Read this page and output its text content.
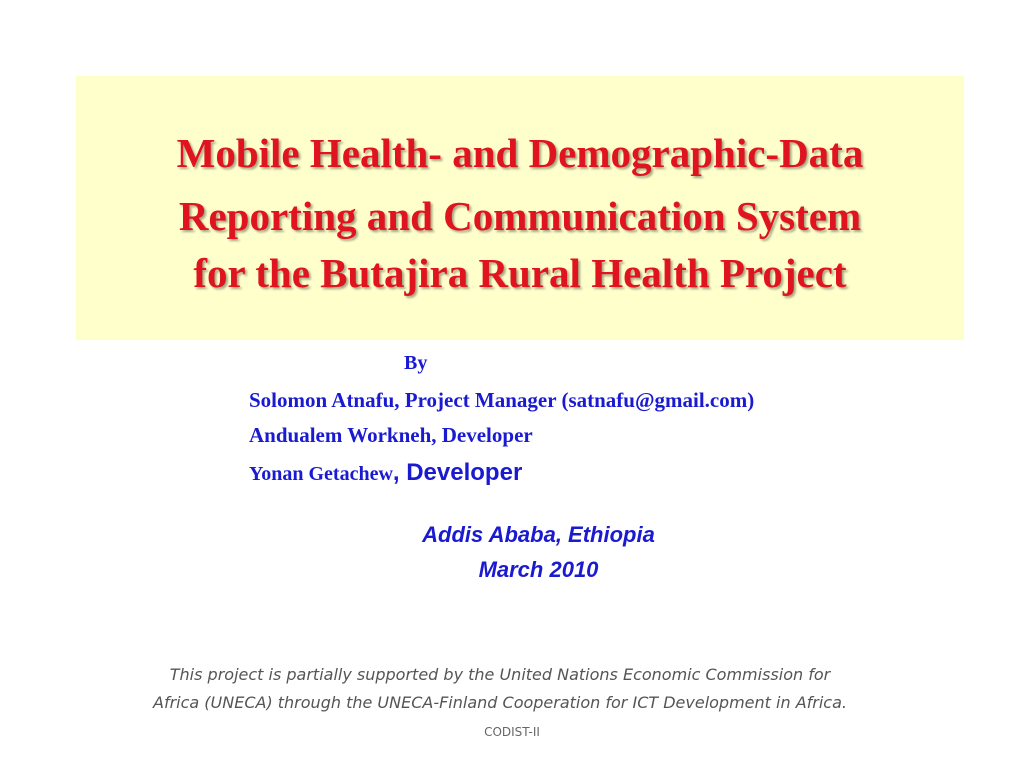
Mobile Health- and Demographic-Data
Reporting and Communication System
for the Butajira Rural Health Project
By
Solomon Atnafu, Project Manager (satnafu@gmail.com)
Andualem Workneh, Developer
Yonan Getachew, Developer
Addis Ababa, Ethiopia
March 2010
This project is partially supported by the United Nations Economic Commission for
Africa (UNECA) through the UNECA-Finland Cooperation for ICT Development in Africa.
CODIST-II
